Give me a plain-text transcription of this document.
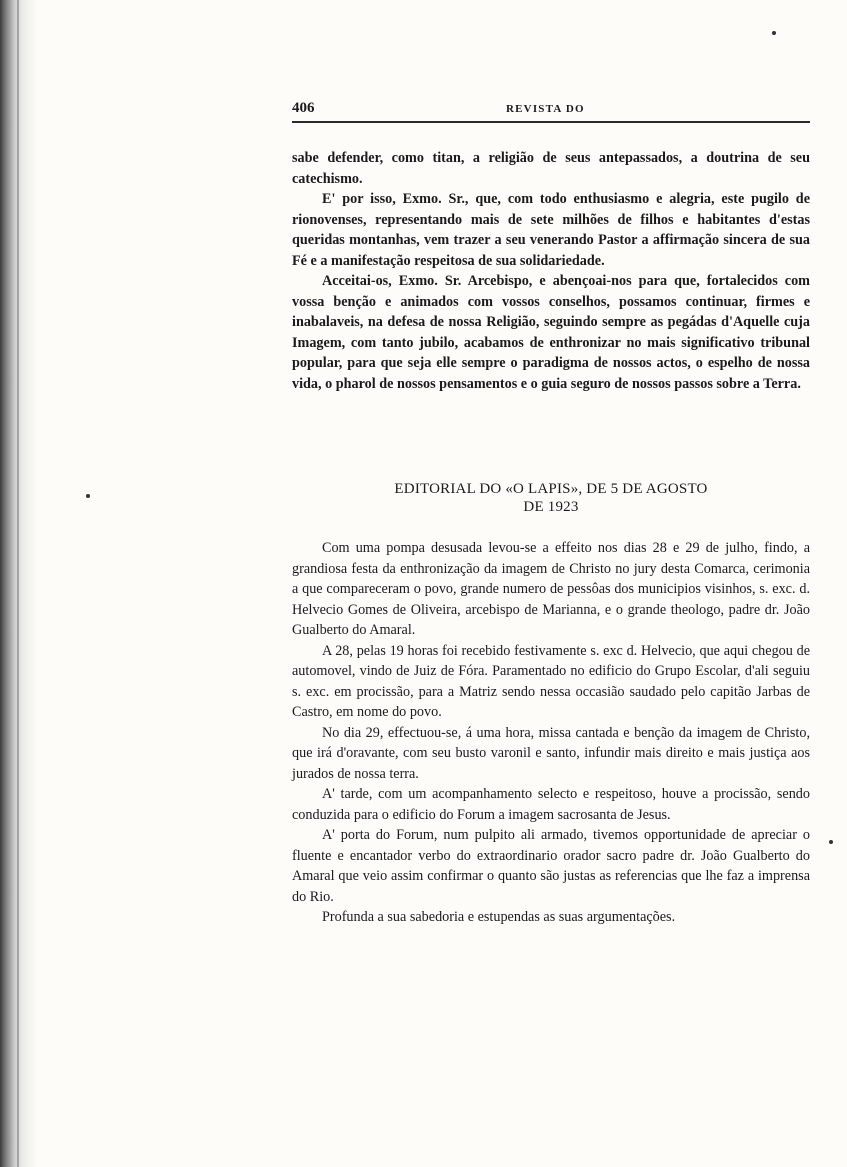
406	REVISTA DO

sabe defender, como titan, a religião de seus antepassados, a doutrina de seu catechismo.

E' por isso, Exmo. Sr., que, com todo enthusiasmo e alegria, este pugilo de rionovenses, representando mais de sete milhões de filhos e habitantes d'estas queridas montanhas, vem trazer a seu venerando Pastor a affirmação sincera de sua Fé e a manifestação respeitosa de sua solidariedade.

Acceitai-os, Exmo. Sr. Arcebispo, e abençoai-nos para que, fortalecidos com vossa benção e animados com vossos conselhos, possamos continuar, firmes e inabalaveis, na defesa de nossa Religião, seguindo sempre as pegádas d'Aquelle cuja Imagem, com tanto jubilo, acabamos de enthronizar no mais significativo tribunal popular, para que seja elle sempre o paradigma de nossos actos, o espelho de nossa vida, o pharol de nossos pensamentos e o guia seguro de nossos passos sobre a Terra.

EDITORIAL DO «O LAPIS», DE 5 DE AGOSTO
DE 1923

Com uma pompa desusada levou-se a effeito nos dias 28 e 29 de julho, findo, a grandiosa festa da enthronização da imagem de Christo no jury desta Comarca, cerimonia a que compareceram o povo, grande numero de pessôas dos municipios visinhos, s. exc. d. Helvecio Gomes de Oliveira, arcebispo de Marianna, e o grande theologo, padre dr. João Gualberto do Amaral.

A 28, pelas 19 horas foi recebido festivamente s. exc d. Helvecio, que aqui chegou de automovel, vindo de Juiz de Fóra. Paramentado no edificio do Grupo Escolar, d'ali seguiu s. exc. em procissão, para a Matriz sendo nessa occasião saudado pelo capitão Jarbas de Castro, em nome do povo.

No dia 29, effectuou-se, á uma hora, missa cantada e benção da imagem de Christo, que irá d'oravante, com seu busto varonil e santo, infundir mais direito e mais justiça aos jurados de nossa terra.

A' tarde, com um acompanhamento selecto e respeitoso, houve a procissão, sendo conduzida para o edificio do Forum a imagem sacrosanta de Jesus.

A' porta do Forum, num pulpito ali armado, tivemos opportunidade de apreciar o fluente e encantador verbo do extraordinario orador sacro padre dr. João Gualberto do Amaral que veio assim confirmar o quanto são justas as referencias que lhe faz a imprensa do Rio.

Profunda a sua sabedoria e estupendas as suas argumentações.
